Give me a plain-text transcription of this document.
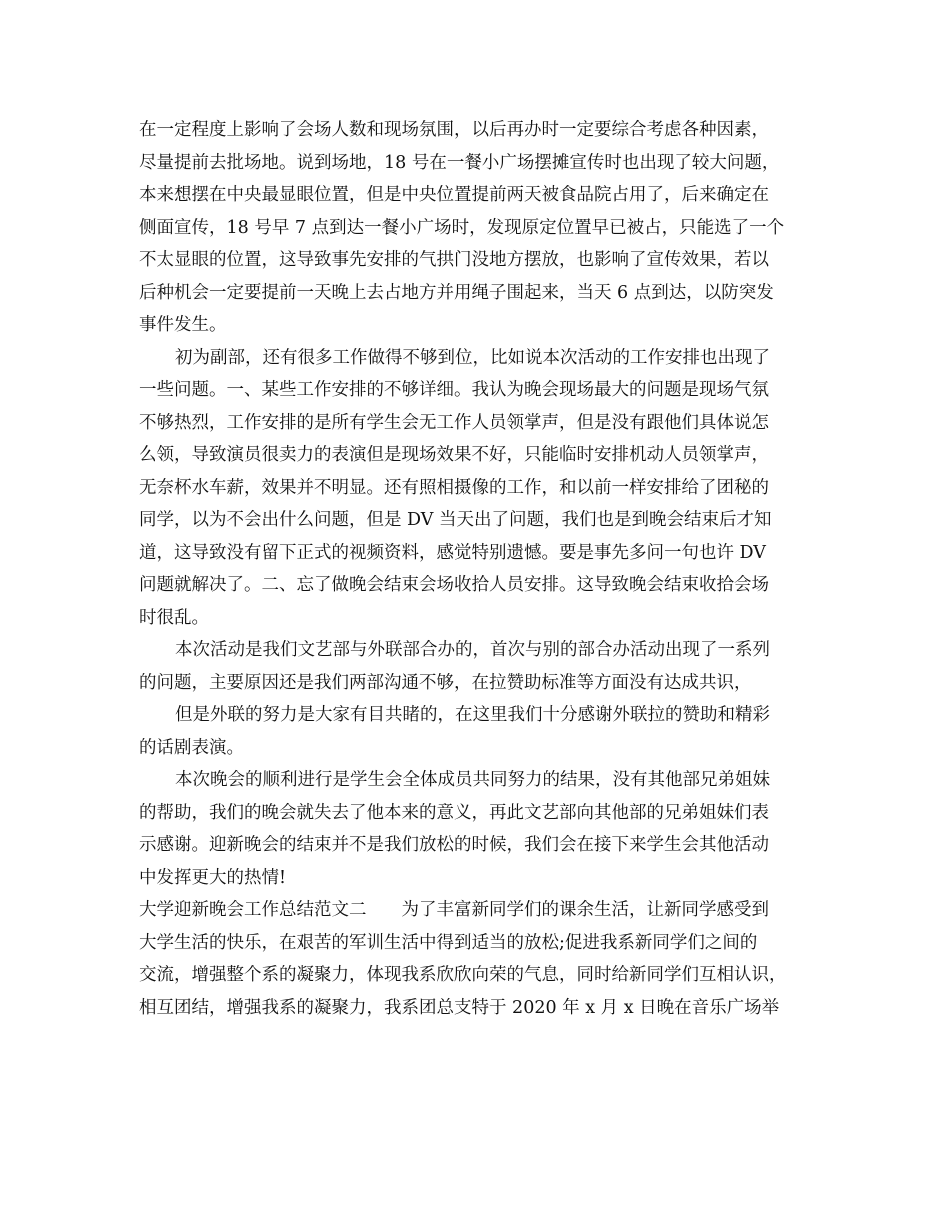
在一定程度上影响了会场人数和现场氛围，以后再办时一定要综合考虑各种因素，
尽量提前去批场地。说到场地，18 号在一餐小广场摆摊宣传时也出现了较大问题，
本来想摆在中央最显眼位置，但是中央位置提前两天被食品院占用了，后来确定在
侧面宣传，18 号早 7 点到达一餐小广场时，发现原定位置早已被占，只能选了一个
不太显眼的位置，这导致事先安排的气拱门没地方摆放，也影响了宣传效果，若以
后种机会一定要提前一天晚上去占地方并用绳子围起来，当天 6 点到达，以防突发
事件发生。
初为副部，还有很多工作做得不够到位，比如说本次活动的工作安排也出现了
一些问题。一、某些工作安排的不够详细。我认为晚会现场最大的问题是现场气氛
不够热烈，工作安排的是所有学生会无工作人员领掌声，但是没有跟他们具体说怎
么领，导致演员很卖力的表演但是现场效果不好，只能临时安排机动人员领掌声，
无奈杯水车薪，效果并不明显。还有照相摄像的工作，和以前一样安排给了团秘的
同学，以为不会出什么问题，但是 DV 当天出了问题，我们也是到晚会结束后才知
道，这导致没有留下正式的视频资料，感觉特别遗憾。要是事先多问一句也许 DV
问题就解决了。二、忘了做晚会结束会场收拾人员安排。这导致晚会结束收拾会场
时很乱。
本次活动是我们文艺部与外联部合办的，首次与别的部合办活动出现了一系列
的问题，主要原因还是我们两部沟通不够，在拉赞助标准等方面没有达成共识，
但是外联的努力是大家有目共睹的，在这里我们十分感谢外联拉的赞助和精彩
的话剧表演。
本次晚会的顺利进行是学生会全体成员共同努力的结果，没有其他部兄弟姐妹
的帮助，我们的晚会就失去了他本来的意义，再此文艺部向其他部的兄弟姐妹们表
示感谢。迎新晚会的结束并不是我们放松的时候，我们会在接下来学生会其他活动
中发挥更大的热情!
大学迎新晚会工作总结范文二　　为了丰富新同学们的课余生活，让新同学感受到
大学生活的快乐，在艰苦的军训生活中得到适当的放松;促进我系新同学们之间的
交流，增强整个系的凝聚力，体现我系欣欣向荣的气息，同时给新同学们互相认识，
相互团结，增强我系的凝聚力，我系团总支特于 2020 年 x 月 x 日晚在音乐广场举
